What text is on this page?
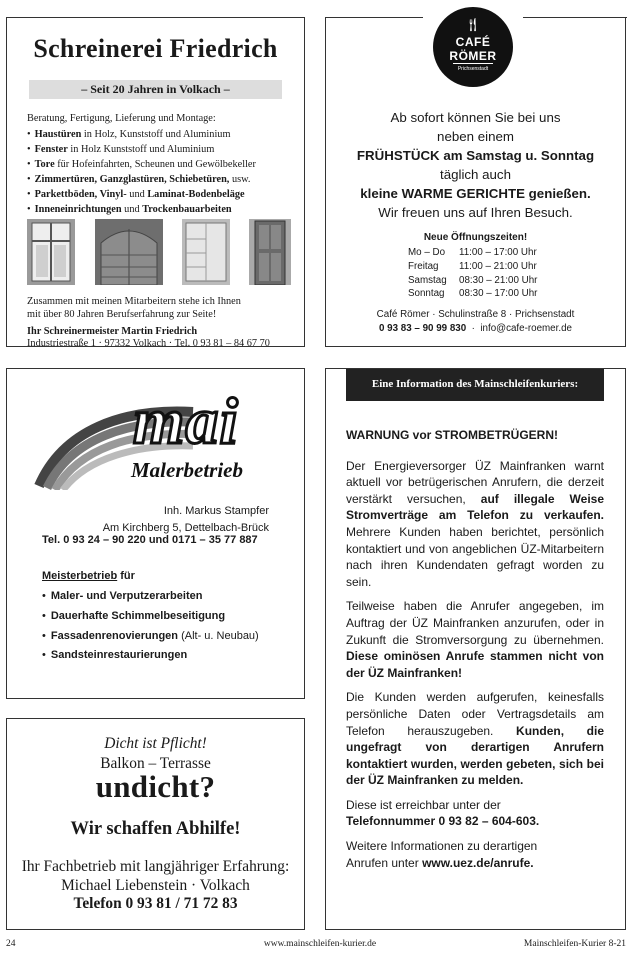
Schreinerei Friedrich
– Seit 20 Jahren in Volkach –
Beratung, Fertigung, Lieferung und Montage:
• Haustüren in Holz, Kunststoff und Aluminium
• Fenster in Holz Kunststoff und Aluminium
• Tore für Hofeinfahrten, Scheunen und Gewölbekeller
• Zimmertüren, Ganzglastüren, Schiebetüren, usw.
• Parkettböden, Vinyl- und Laminat-Bodenbeläge
• Inneneinrichtungen und Trockenbauarbeiten
Zusammen mit meinen Mitarbeitern stehe ich Ihnen
mit über 80 Jahren Berufserfahrung zur Seite!
Ihr Schreinermeister Martin Friedrich
Industriestraße 1 · 97332 Volkach · Tel. 0 93 81 – 84 67 70
🍴︎
CAFÉ
RÖMER
Prichsenstadt
Ab sofort können Sie bei uns
neben einem
FRÜHSTÜCK am Samstag u. Sonntag
täglich auch
kleine WARME GERICHTE genießen.
Wir freuen uns auf Ihren Besuch.
Neue Öffnungszeiten!
Mo – Do 11:00 – 17:00 Uhr
Freitag 11:00 – 21:00 Uhr
Samstag 08:30 – 21:00 Uhr
Sonntag 08:30 – 17:00 Uhr
Café Römer · Schulinstraße 8 · Prichsenstadt
0 93 83 – 90 99 830 · info@cafe-roemer.de
mai
Malerbetrieb
Inh. Markus Stampfer
Am Kirchberg 5, Dettelbach-Brück
Tel. 0 93 24 – 90 220 und 0171 – 35 77 887
Meisterbetrieb für
• Maler- und Verputzerarbeiten
• Dauerhafte Schimmelbeseitigung
• Fassadenrenovierungen (Alt- u. Neubau)
• Sandsteinrestaurierungen
Dicht ist Pflicht!
Balkon – Terrasse
undicht?
Wir schaffen Abhilfe!
Ihr Fachbetrieb mit langjähriger Erfahrung:
Michael Liebenstein · Volkach
Telefon 0 93 81 / 71 72 83
Eine Information des Mainschleifenkuriers:

WARNUNG vor STROMBETRÜGERN!

Der Energieversorger ÜZ Mainfranken warnt aktuell vor betrügerischen Anrufern, die derzeit verstärkt versuchen, auf illegale Weise Stromverträge am Telefon zu verkaufen. Mehrere Kunden haben berichtet, persönlich kontaktiert und von angeblichen ÜZ-Mitarbeitern nach ihren Kundendaten gefragt worden zu sein.

Teilweise haben die Anrufer angegeben, im Auftrag der ÜZ Mainfranken anzurufen, oder in Zukunft die Stromversorgung zu übernehmen. Diese ominösen Anrufe stammen nicht von der ÜZ Mainfranken!

Die Kunden werden aufgerufen, keinesfalls persönliche Daten oder Vertragsdetails am Telefon herauszugeben. Kunden, die ungefragt von derartigen Anrufern kontaktiert wurden, werden gebeten, sich bei der ÜZ Mainfranken zu melden.

Diese ist erreichbar unter der
Telefonnummer 0 93 82 – 604-603.

Weitere Informationen zu derartigen
Anrufen unter www.uez.de/anrufe.

24	www.mainschleifen-kurier.de	Mainschleifen-Kurier 8-21
